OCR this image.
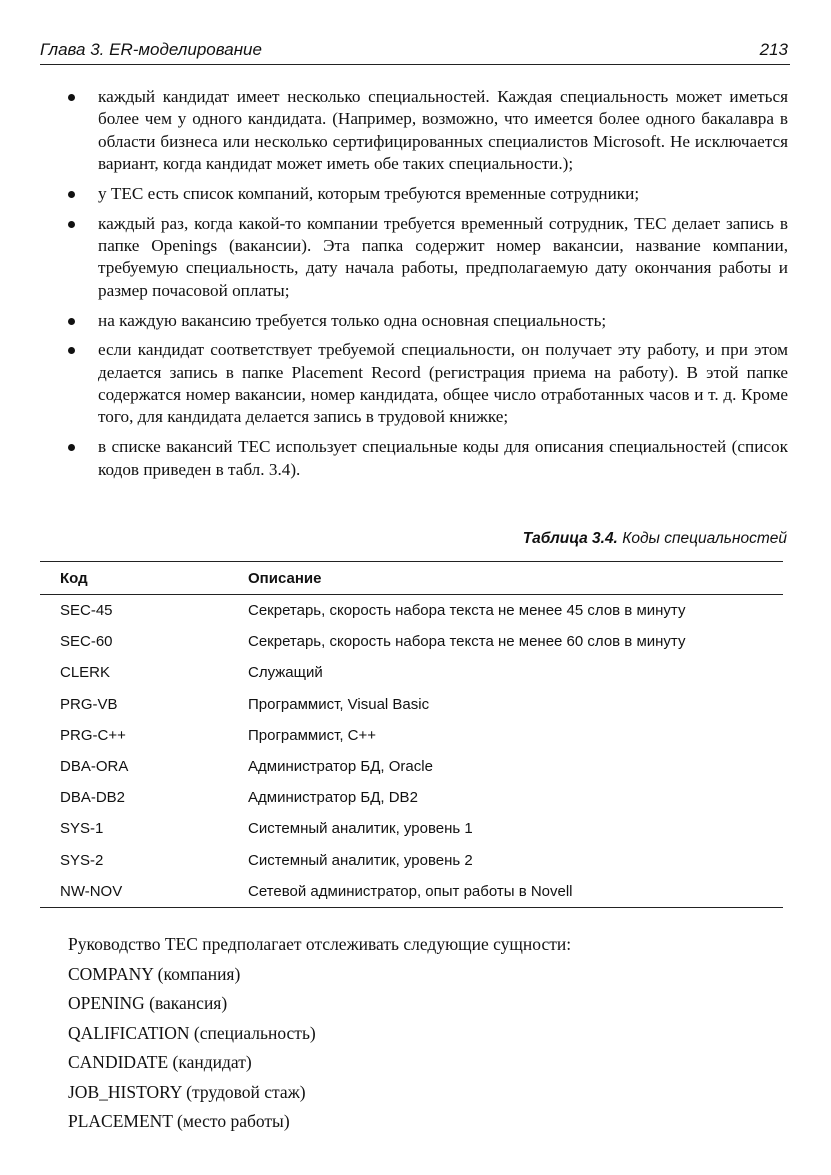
Глава 3. ER-моделирование	213
каждый кандидат имеет несколько специальностей. Каждая специальность может иметься более чем у одного кандидата. (Например, возможно, что имеется более одного бакалавра в области бизнеса или несколько сертифицированных специалистов Microsoft. Не исключается вариант, когда кандидат может иметь обе таких специальности.);
у ТЕС есть список компаний, которым требуются временные сотрудники;
каждый раз, когда какой-то компании требуется временный сотрудник, ТЕС делает запись в папке Openings (вакансии). Эта папка содержит номер вакансии, название компании, требуемую специальность, дату начала работы, предполагаемую дату окончания работы и размер почасовой оплаты;
на каждую вакансию требуется только одна основная специальность;
если кандидат соответствует требуемой специальности, он получает эту работу, и при этом делается запись в папке Placement Record (регистрация приема на работу). В этой папке содержатся номер вакансии, номер кандидата, общее число отработанных часов и т. д. Кроме того, для кандидата делается запись в трудовой книжке;
в списке вакансий ТЕС использует специальные коды для описания специальностей (список кодов приведен в табл. 3.4).
Таблица 3.4. Коды специальностей
Код	Описание
SEC-45	Секретарь, скорость набора текста не менее 45 слов в минуту
SEC-60	Секретарь, скорость набора текста не менее 60 слов в минуту
CLERK	Служащий
PRG-VB	Программист, Visual Basic
PRG-C++	Программист, C++
DBA-ORA	Администратор БД, Oracle
DBA-DB2	Администратор БД, DB2
SYS-1	Системный аналитик, уровень 1
SYS-2	Системный аналитик, уровень 2
NW-NOV	Сетевой администратор, опыт работы в Novell

Руководство ТЕС предполагает отслеживать следующие сущности:

COMPANY (компания)

OPENING (вакансия)

QALIFICATION (специальность)

CANDIDATE (кандидат)

JOB_HISTORY (трудовой стаж)

PLACEMENT (место работы)
